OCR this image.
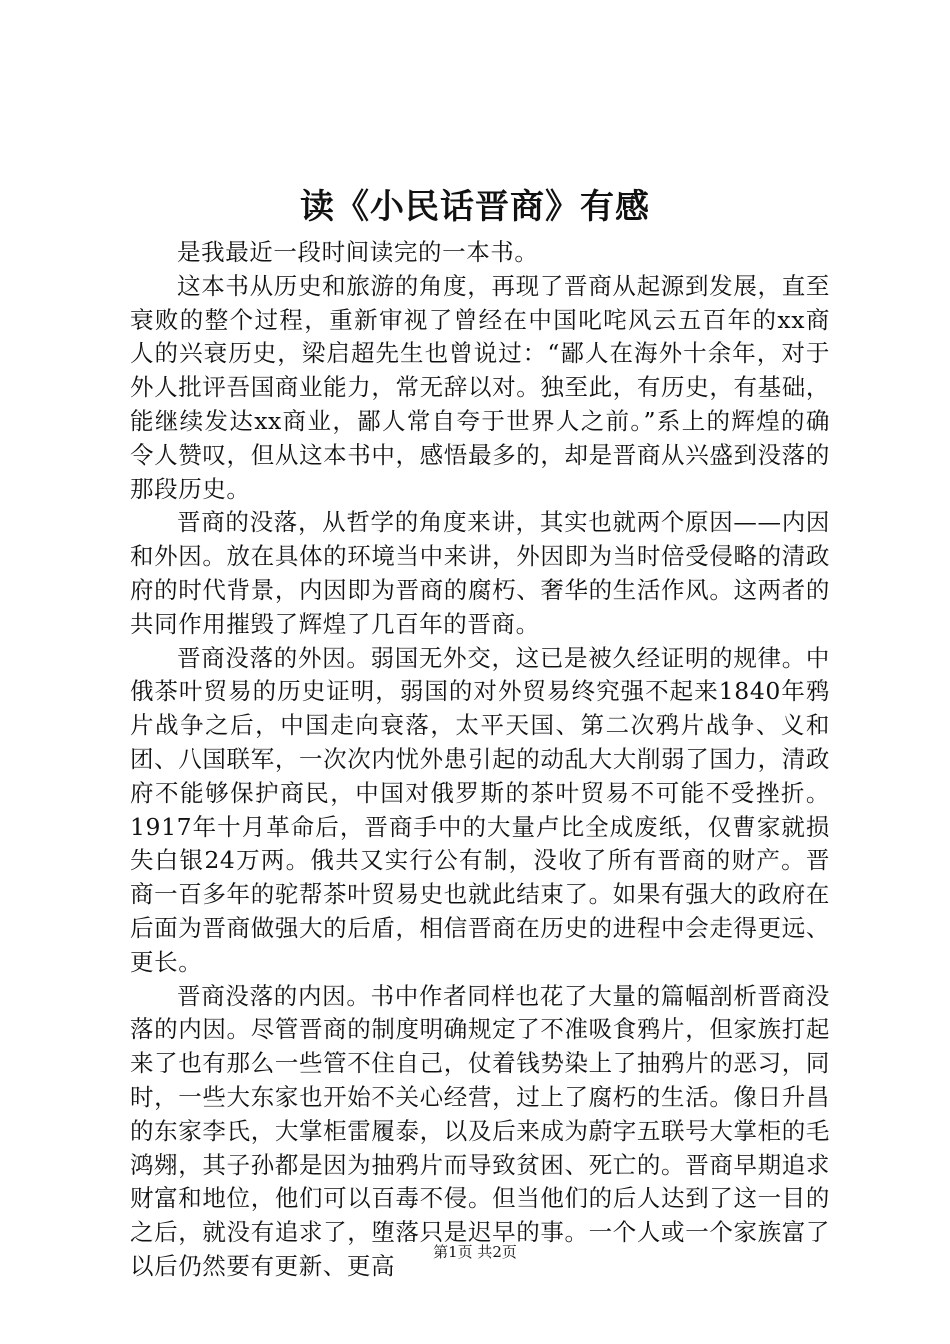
读《小民话晋商》有感

是我最近一段时间读完的一本书。

这本书从历史和旅游的角度，再现了晋商从起源到发展，直至衰败的整个过程，重新审视了曾经在中国叱咤风云五百年的xx商人的兴衰历史，梁启超先生也曾说过：“鄙人在海外十余年，对于外人批评吾国商业能力，常无辞以对。独至此，有历史，有基础，能继续发达xx商业，鄙人常自夸于世界人之前。”系上的辉煌的确令人赞叹，但从这本书中，感悟最多的，却是晋商从兴盛到没落的那段历史。

晋商的没落，从哲学的角度来讲，其实也就两个原因——内因和外因。放在具体的环境当中来讲，外因即为当时倍受侵略的清政府的时代背景，内因即为晋商的腐朽、奢华的生活作风。这两者的共同作用摧毁了辉煌了几百年的晋商。

晋商没落的外因。弱国无外交，这已是被久经证明的规律。中俄茶叶贸易的历史证明，弱国的对外贸易终究强不起来1840年鸦片战争之后，中国走向衰落，太平天国、第二次鸦片战争、义和团、八国联军，一次次内忧外患引起的动乱大大削弱了国力，清政府不能够保护商民，中国对俄罗斯的茶叶贸易不可能不受挫折。1917年十月革命后，晋商手中的大量卢比全成废纸，仅曹家就损失白银24万两。俄共又实行公有制，没收了所有晋商的财产。晋商一百多年的驼帮茶叶贸易史也就此结束了。如果有强大的政府在后面为晋商做强大的后盾，相信晋商在历史的进程中会走得更远、更长。

晋商没落的内因。书中作者同样也花了大量的篇幅剖析晋商没落的内因。尽管晋商的制度明确规定了不准吸食鸦片，但家族打起来了也有那么一些管不住自己，仗着钱势染上了抽鸦片的恶习，同时，一些大东家也开始不关心经营，过上了腐朽的生活。像日升昌的东家李氏，大掌柜雷履泰，以及后来成为蔚字五联号大掌柜的毛鸿翙，其子孙都是因为抽鸦片而导致贫困、死亡的。晋商早期追求财富和地位，他们可以百毒不侵。但当他们的后人达到了这一目的之后，就没有追求了，堕落只是迟早的事。一个人或一个家族富了以后仍然要有更新、更高	第1页 共2页
